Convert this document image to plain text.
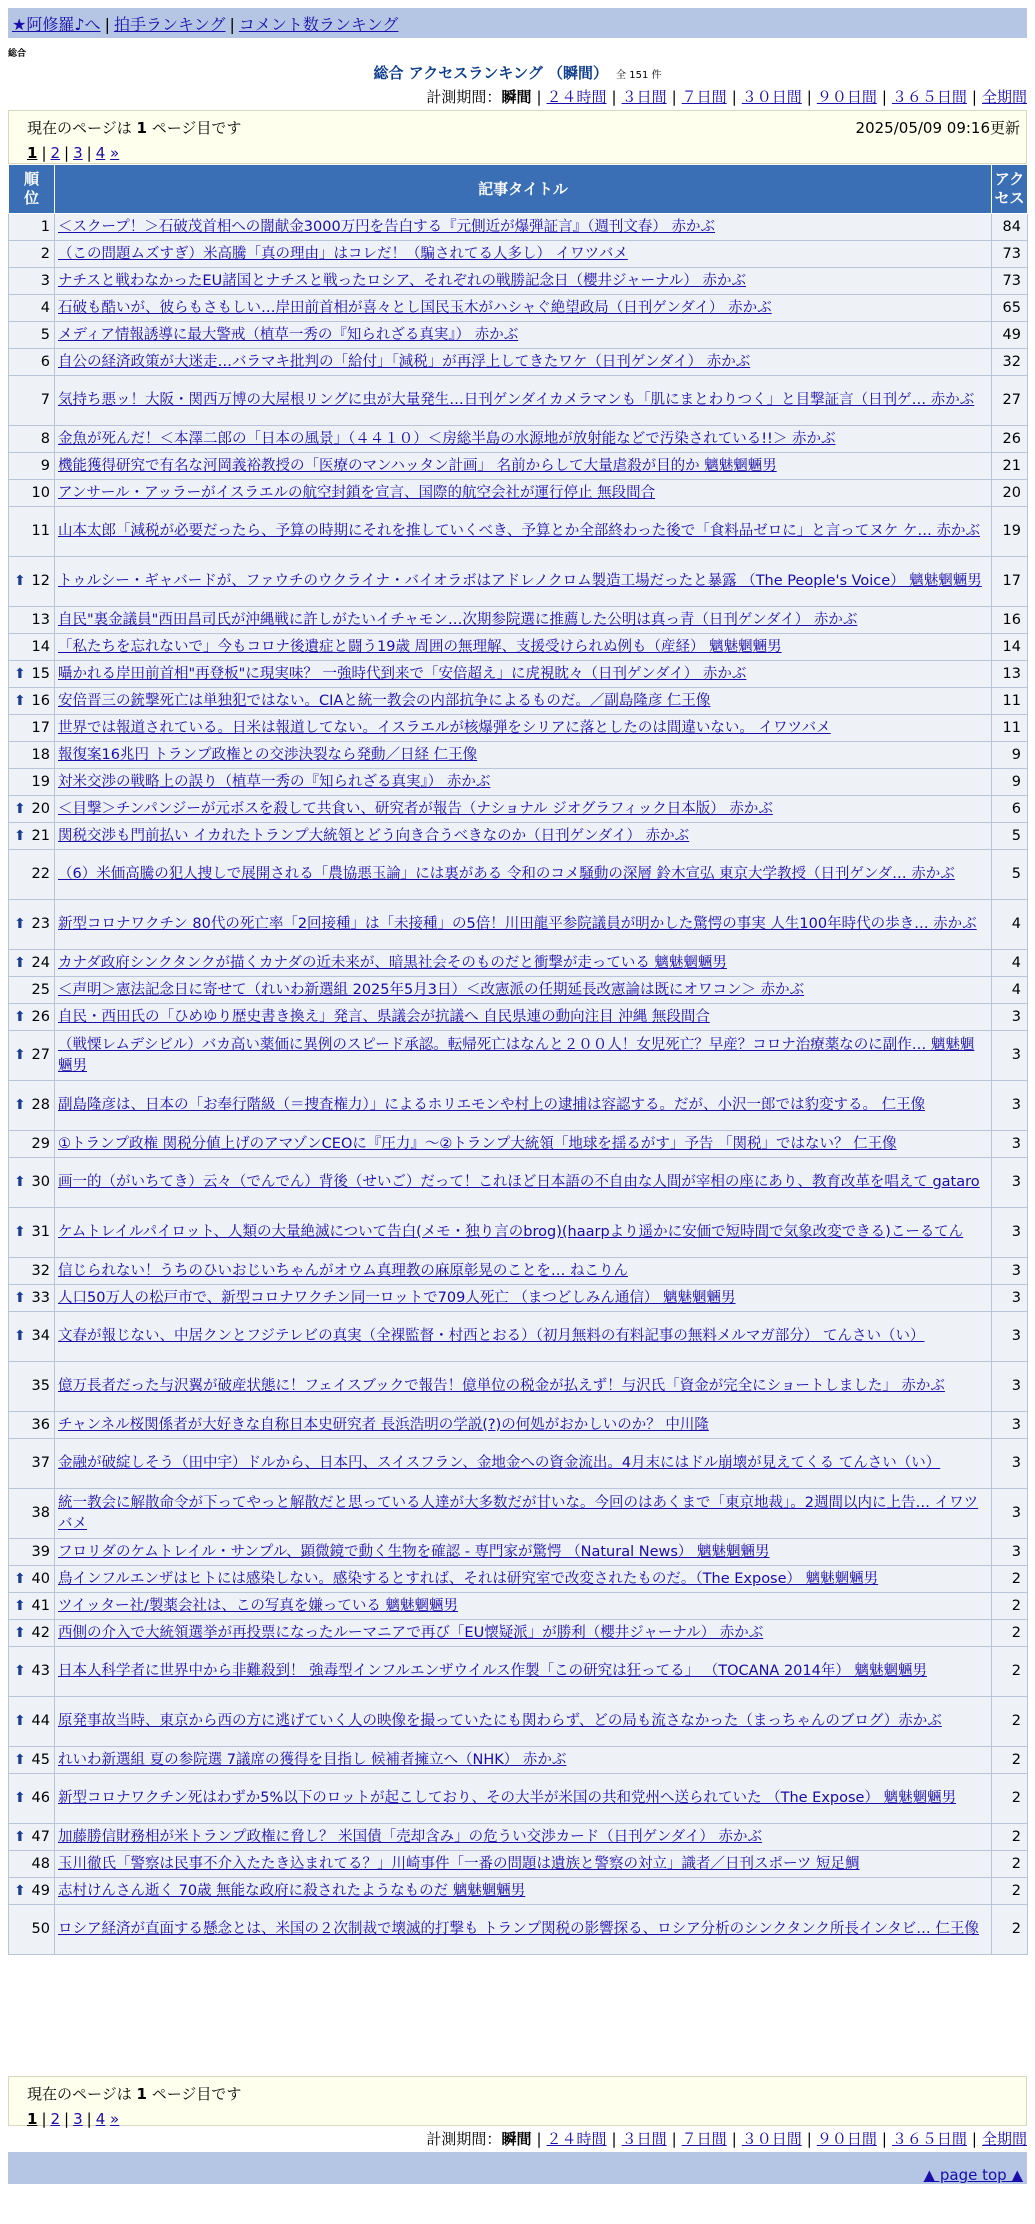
★阿修羅♪へ | 拍手ランキング | コメント数ランキング
総合
総合 アクセスランキング （瞬間） 全 151 件
計測期間：瞬間 | ２４時間 | ３日間 | ７日間 | ３０日間 | ９０日間 | ３６５日間 | 全期間
現在のページは 1 ページ目です	2025/05/09 09:16更新
1 | 2 | 3 | 4 »
順位	記事タイトル	アクセス
1	＜スクープ！＞石破茂首相への闇献金3000万円を告白する『元側近が爆弾証言』（週刊文春） 赤かぶ	84
2	（この問題ムズすぎ）米高騰「真の理由」はコレだ！（騙されてる人多し） イワツバメ	73
3	ナチスと戦わなかったEU諸国とナチスと戦ったロシア、それぞれの戦勝記念日（櫻井ジャーナル） 赤かぶ	73
4	石破も酷いが、彼らもさもしい…岸田前首相が喜々とし国民玉木がハシャぐ絶望政局（日刊ゲンダイ） 赤かぶ	65
5	メディア情報誘導に最大警戒（植草一秀の『知られざる真実』） 赤かぶ	49
6	自公の経済政策が大迷走…バラマキ批判の「給付」「減税」が再浮上してきたワケ（日刊ゲンダイ） 赤かぶ	32
7	気持ち悪ッ！大阪・関西万博の大屋根リングに虫が大量発生…日刊ゲンダイカメラマンも「肌にまとわりつく」と目撃証言（日刊ゲ… 赤かぶ	27
8	金魚が死んだ！＜本澤二郎の「日本の風景」（４４１０）＜房総半島の水源地が放射能などで汚染されている!!＞ 赤かぶ	26
9	機能獲得研究で有名な河岡義裕教授の「医療のマンハッタン計画」 名前からして大量虐殺が目的か 魑魅魍魎男	21
10	アンサール・アッラーがイスラエルの航空封鎖を宣言、国際的航空会社が運行停止 無段間合	20
11	山本太郎「減税が必要だったら、予算の時期にそれを推していくべき、予算とか全部終わった後で「食料品ゼロに」と言ってヌケ ケ… 赤かぶ	19

⬆ 12	トゥルシー・ギャバードが、ファウチのウクライナ・バイオラボはアドレノクロム製造工場だったと暴露 （The People's Voice） 魑魅魍魎男	17
13	自民"裏金議員"西田昌司氏が沖縄戦に許しがたいイチャモン…次期参院選に推薦した公明は真っ青（日刊ゲンダイ） 赤かぶ	16
14	「私たちを忘れないで」今もコロナ後遺症と闘う19歳 周囲の無理解、支援受けられぬ例も（産経） 魑魅魍魎男	14

⬆ 15	囁かれる岸田前首相"再登板"に現実味？ 一強時代到来で「安倍超え」に虎視眈々（日刊ゲンダイ） 赤かぶ	13

⬆ 16	安倍晋三の銃撃死亡は単独犯ではない。CIAと統一教会の内部抗争によるものだ。／副島隆彦 仁王像	11
17	世界では報道されている。日米は報道してない。イスラエルが核爆弾をシリアに落としたのは間違いない。 イワツバメ	11
18	報復案16兆円 トランプ政権との交渉決裂なら発動／日経 仁王像	9
19	対米交渉の戦略上の誤り（植草一秀の『知られざる真実』） 赤かぶ	9

⬆ 20	＜目撃＞チンパンジーが元ボスを殺して共食い、研究者が報告（ナショナル ジオグラフィック日本版） 赤かぶ	6

⬆ 21	関税交渉も門前払い イカれたトランプ大統領とどう向き合うべきなのか（日刊ゲンダイ） 赤かぶ	5
22	（6）米価高騰の犯人捜しで展開される「農協悪玉論」には裏がある 令和のコメ騒動の深層 鈴木宣弘 東京大学教授（日刊ゲンダ… 赤かぶ	5

⬆ 23	新型コロナワクチン 80代の死亡率「2回接種」は「未接種」の5倍！川田龍平参院議員が明かした驚愕の事実 人生100年時代の歩き… 赤かぶ	4

⬆ 24	カナダ政府シンクタンクが描くカナダの近未来が、暗黒社会そのものだと衝撃が走っている 魑魅魍魎男	4
25	＜声明＞憲法記念日に寄せて（れいわ新選組 2025年5月3日）＜改憲派の任期延長改憲論は既にオワコン＞ 赤かぶ	4

⬆ 26	自民・西田氏の「ひめゆり歴史書き換え」発言、県議会が抗議へ 自民県連の動向注目 沖縄 無段間合	3

⬆ 27	（戦慄レムデシビル）バカ高い薬価に異例のスピード承認。転帰死亡はなんと２００人！女児死亡？早産？コロナ治療薬なのに副作… 魑魅魍魎男	3

⬆ 28	副島隆彦は、日本の「お奉行階級（＝捜査権力）」によるホリエモンや村上の逮捕は容認する。だが、小沢一郎では豹変する。 仁王像	3
29	①トランプ政権 関税分値上げのアマゾンCEOに『圧力』～②トランプ大統領「地球を揺るがす」予告 「関税」ではない？ 仁王像	3

⬆ 30	画一的（がいちてき）云々（でんでん）背後（せいご）だって！これほど日本語の不自由な人間が宰相の座にあり、教育改革を唱えて gataro	3

⬆ 31	ケムトレイルパイロット、人類の大量絶滅について告白(メモ・独り言のbrog)(haarpより遥かに安価で短時間で気象改変できる)こーるてん	3
32	信じられない！うちのひいおじいちゃんがオウム真理教の麻原彰晃のことを… ねこりん	3

⬆ 33	人口50万人の松戸市で、新型コロナワクチン同一ロットで709人死亡 （まつどしみん通信） 魑魅魍魎男	3

⬆ 34	文春が報じない、中居クンとフジテレビの真実（全裸監督・村西とおる）（初月無料の有料記事の無料メルマガ部分） てんさい（い）	3
35	億万長者だった与沢翼が破産状態に！フェイスブックで報告！億単位の税金が払えず！与沢氏「資金が完全にショートしました」 赤かぶ	3
36	チャンネル桜関係者が大好きな自称日本史研究者 長浜浩明の学説(?)の何処がおかしいのか？ 中川隆	3
37	金融が破綻しそう（田中宇）ドルから、日本円、スイスフラン、金地金への資金流出。4月末にはドル崩壊が見えてくる てんさい（い）	3
38	統一教会に解散命令が下ってやっと解散だと思っている人達が大多数だが甘いな。今回のはあくまで「東京地裁」。2週間以内に上告… イワツバメ	3
39	フロリダのケムトレイル・サンプル、顕微鏡で動く生物を確認 - 専門家が驚愕 （Natural News） 魑魅魍魎男	3

⬆ 40	鳥インフルエンザはヒトには感染しない。感染するとすれば、それは研究室で改変されたものだ。（The Expose） 魑魅魍魎男	2

⬆ 41	ツイッター社/製薬会社は、この写真を嫌っている 魑魅魍魎男	2

⬆ 42	西側の介入で大統領選挙が再投票になったルーマニアで再び「EU懐疑派」が勝利（櫻井ジャーナル） 赤かぶ	2

⬆ 43	日本人科学者に世界中から非難殺到！ 強毒型インフルエンザウイルス作製「この研究は狂ってる」 （TOCANA 2014年） 魑魅魍魎男	2

⬆ 44	原発事故当時、東京から西の方に逃げていく人の映像を撮っていたにも関わらず、どの局も流さなかった（まっちゃんのブログ）赤かぶ	2

⬆ 45	れいわ新選組 夏の参院選 7議席の獲得を目指し 候補者擁立へ（NHK） 赤かぶ	2

⬆ 46	新型コロナワクチン死はわずか5%以下のロットが起こしており、その大半が米国の共和党州へ送られていた （The Expose） 魑魅魍魎男	2

⬆ 47	加藤勝信財務相が米トランプ政権に脅し？ 米国債「売却含み」の危うい交渉カード（日刊ゲンダイ） 赤かぶ	2
48	玉川徹氏「警察は民事不介入たたき込まれてる？」川崎事件「一番の問題は遺族と警察の対立」識者／日刊スポーツ 短足鯛	2

⬆ 49	志村けんさん逝く 70歳 無能な政府に殺されたようなものだ 魑魅魍魎男	2
50	ロシア経済が直面する懸念とは、米国の２次制裁で壊滅的打撃も トランプ関税の影響探る、ロシア分析のシンクタンク所長インタビ… 仁王像	2
現在のページは 1 ページ目です
1 | 2 | 3 | 4 »
計測期間：瞬間 | ２４時間 | ３日間 | ７日間 | ３０日間 | ９０日間 | ３６５日間 | 全期間
▲ page top ▲
